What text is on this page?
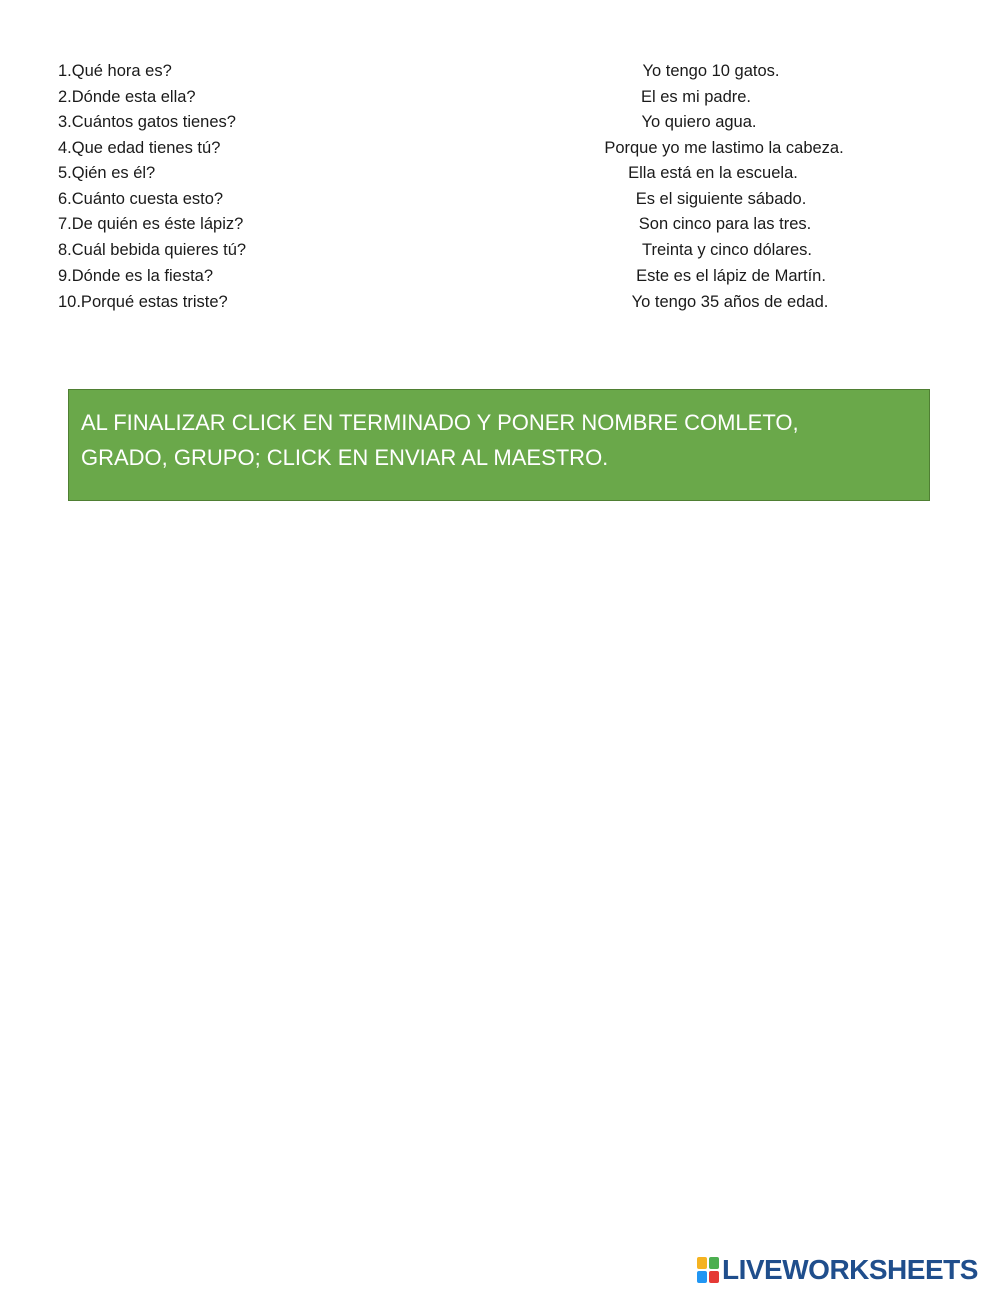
1.Qué hora es?
2.Dónde esta ella?
3.Cuántos gatos tienes?
4.Que edad tienes tú?
5.Qién es él?
6.Cuánto cuesta esto?
7.De quién es éste lápiz?
8.Cuál bebida quieres tú?
9.Dónde es la fiesta?
10.Porqué estas triste?
Yo tengo 10 gatos.
El es mi padre.
Yo quiero agua.
Porque yo me lastimo la cabeza.
Ella está en la escuela.
Es el siguiente sábado.
Son cinco para las tres.
Treinta y cinco dólares.
Este es el lápiz de Martín.
Yo tengo 35 años de edad.
AL FINALIZAR CLICK EN TERMINADO Y PONER NOMBRE COMLETO, GRADO, GRUPO; CLICK EN ENVIAR AL MAESTRO.
LIVEWORKSHEETS
